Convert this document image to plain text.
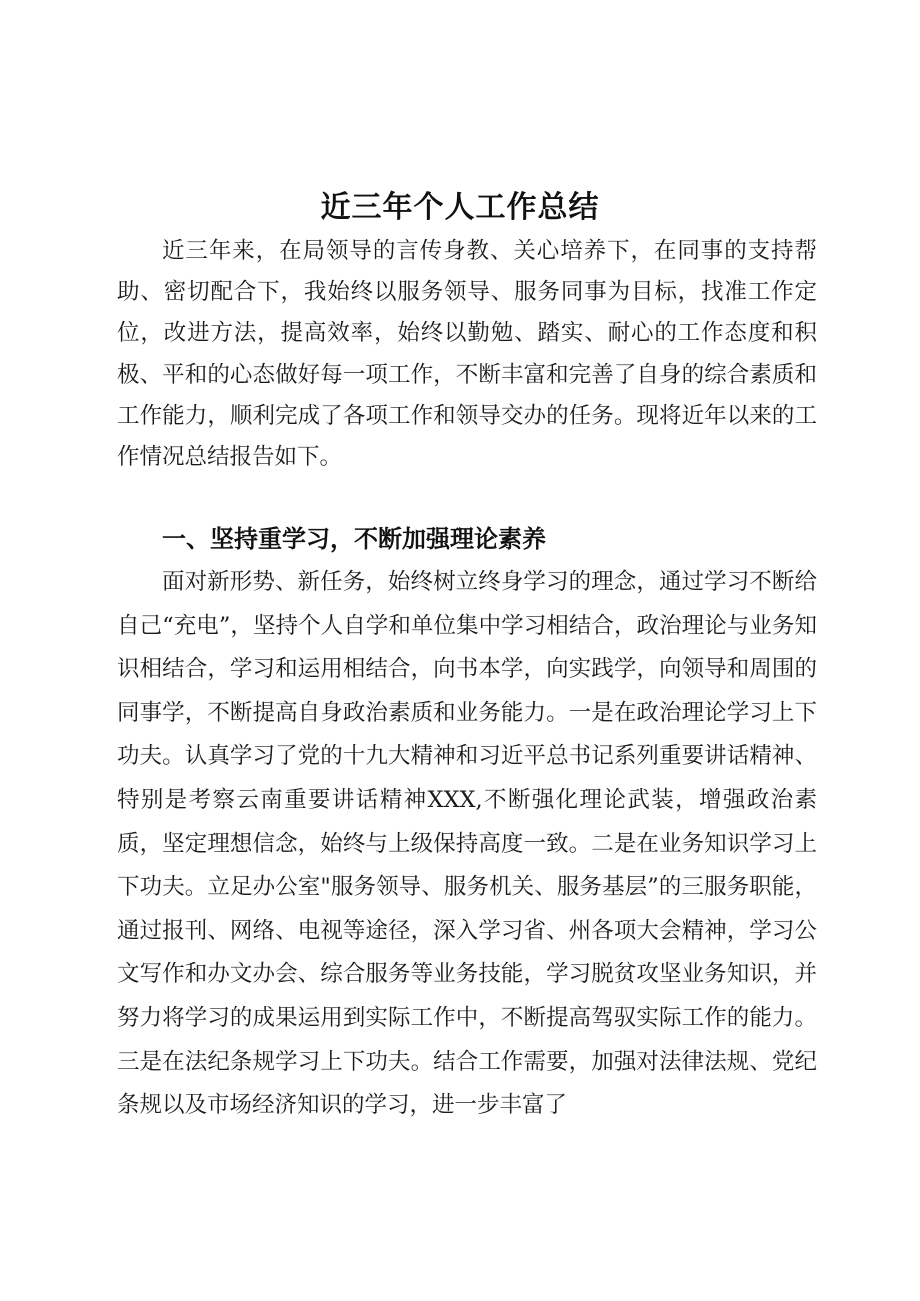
近三年个人工作总结

近三年来，在局领导的言传身教、关心培养下，在同事的支持帮助、密切配合下，我始终以服务领导、服务同事为目标，找准工作定位，改进方法，提高效率，始终以勤勉、踏实、耐心的工作态度和积极、平和的心态做好每一项工作，不断丰富和完善了自身的综合素质和工作能力，顺利完成了各项工作和领导交办的任务。现将近年以来的工作情况总结报告如下。

一、坚持重学习，不断加强理论素养

面对新形势、新任务，始终树立终身学习的理念，通过学习不断给自己“充电”，坚持个人自学和单位集中学习相结合，政治理论与业务知识相结合，学习和运用相结合，向书本学，向实践学，向领导和周围的同事学，不断提高自身政治素质和业务能力。一是在政治理论学习上下功夫。认真学习了党的十九大精神和习近平总书记系列重要讲话精神、特别是考察云南重要讲话精神XXX,不断强化理论武装，增强政治素质，坚定理想信念，始终与上级保持高度一致。二是在业务知识学习上下功夫。立足办公室"服务领导、服务机关、服务基层”的三服务职能，通过报刊、网络、电视等途径，深入学习省、州各项大会精神，学习公文写作和办文办会、综合服务等业务技能，学习脱贫攻坚业务知识，并努力将学习的成果运用到实际工作中，不断提高驾驭实际工作的能力。三是在法纪条规学习上下功夫。结合工作需要，加强对法律法规、党纪条规以及市场经济知识的学习，进一步丰富了
